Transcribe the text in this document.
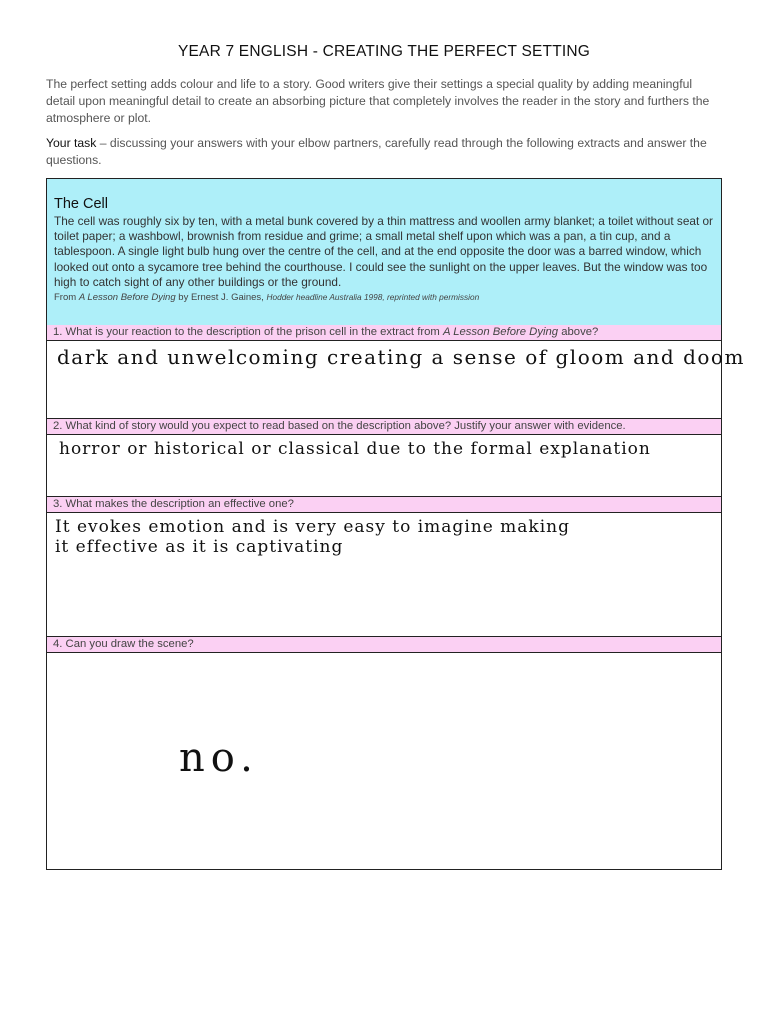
YEAR 7 ENGLISH - CREATING THE PERFECT SETTING
The perfect setting adds colour and life to a story. Good writers give their settings a special quality by adding meaningful detail upon meaningful detail to create an absorbing picture that completely involves the reader in the story and furthers the atmosphere or plot.
Your task – discussing your answers with your elbow partners, carefully read through the following extracts and answer the questions.
The Cell
The cell was roughly six by ten, with a metal bunk covered by a thin mattress and woollen army blanket; a toilet without seat or toilet paper; a washbowl, brownish from residue and grime; a small metal shelf upon which was a pan, a tin cup, and a tablespoon. A single light bulb hung over the centre of the cell, and at the end opposite the door was a barred window, which looked out onto a sycamore tree behind the courthouse. I could see the sunlight on the upper leaves. But the window was too high to catch sight of any other buildings or the ground.
From A Lesson Before Dying by Ernest J. Gaines, Hodder headline Australia 1998, reprinted with permission
1. What is your reaction to the description of the prison cell in the extract from A Lesson Before Dying above?
dark and unwelcoming creating a sense of gloom and doom
2. What kind of story would you expect to read based on the description above? Justify your answer with evidence.
horror or historical or classical due to the formal explanation
3. What makes the description an effective one?
It evokes emotion and is very easy to imagine making
it effective as it is captivating
4. Can you draw the scene?
no.
